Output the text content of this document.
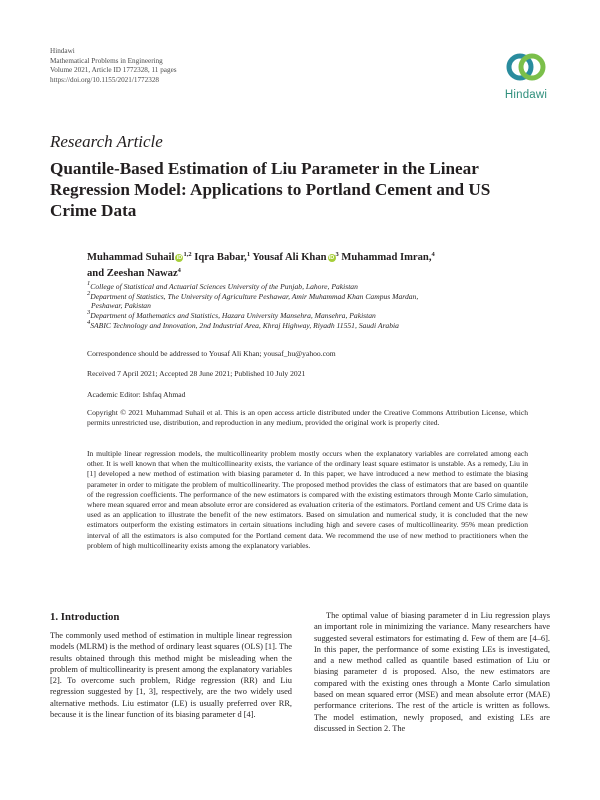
Hindawi
Mathematical Problems in Engineering
Volume 2021, Article ID 1772328, 11 pages
https://doi.org/10.1155/2021/1772328
Hindawi
Research Article
Quantile-Based Estimation of Liu Parameter in the Linear Regression Model: Applications to Portland Cement and US Crime Data
Muhammad Suhail iD$^{1,2}$ Iqra Babar,$^1$ Yousaf Ali Khan $iD^3$ Muhammad Imran,$^4$
and Zeeshan Nawaz$^4$
$^1$College of Statistical and Actuarial Sciences University of the Punjab, Lahore, Pakistan
$^2$Department of Statistics, The University of Agriculture Peshawar, Amir Muhammad Khan Campus Mardan,
Peshawar, Pakistan
$^3$Department of Mathematics and Statistics, Hazara University Mansehra, Mansehra, Pakistan
$^4$SABIC Technology and Innovation, 2nd Industrial Area, Khraj Highway, Riyadh 11551, Saudi Arabia
Correspondence should be addressed to Yousaf Ali Khan; yousaf_hu@yahoo.com
Received 7 April 2021; Accepted 28 June 2021; Published 10 July 2021
Academic Editor: Ishfaq Ahmad
Copyright © 2021 Muhammad Suhail et al. This is an open access article distributed under the Creative Commons Attribution License, which permits unrestricted use, distribution, and reproduction in any medium, provided the original work is properly cited.
In multiple linear regression models, the multicollinearity problem mostly occurs when the explanatory variables are correlated among each other. It is well known that when the multicollinearity exists, the variance of the ordinary least square estimator is unstable. As a remedy, Liu in [1] developed a new method of estimation with biasing parameter d. In this paper, we have introduced a new method to estimate the biasing parameter in order to mitigate the problem of multicollinearity. The proposed method provides the class of estimators that are based on quantile of the regression coefficients. The performance of the new estimators is compared with the existing estimators through Monte Carlo simulation, where mean squared error and mean absolute error are considered as evaluation criteria of the estimators. Portland cement and US Crime data is used as an application to illustrate the benefit of the new estimators. Based on simulation and numerical study, it is concluded that the new estimators outperform the existing estimators in certain situations including high and severe cases of multicollinearity. 95% mean prediction interval of all the estimators is also computed for the Portland cement data. We recommend the use of new method to practitioners when the problem of high multicollinearity exists among the explanatory variables.
1. Introduction

The commonly used method of estimation in multiple linear regression models (MLRM) is the method of ordinary least squares (OLS) [1]. The results obtained through this method might be misleading when the problem of multicollinearity is present among the explanatory variables [2]. To overcome such problem, Ridge regression (RR) and Liu regression suggested by [1, 3], respectively, are the two widely used alternative methods. Liu estimator (LE) is usually preferred over RR, because it is the linear function of its biasing parameter d [4].

The optimal value of biasing parameter d in Liu regression plays an important role in minimizing the variance. Many researchers have suggested several estimators for estimating d. Few of them are [4–6]. In this paper, the performance of some existing LEs is investigated, and a new method called as quantile based estimation of Liu or biasing parameter d is proposed. Also, the new estimators are compared with the existing ones through a Monte Carlo simulation based on mean squared error (MSE) and mean absolute error (MAE) performance criterions. The rest of the article is written as follows. The model estimation, newly proposed, and existing LEs are discussed in Section 2. The
